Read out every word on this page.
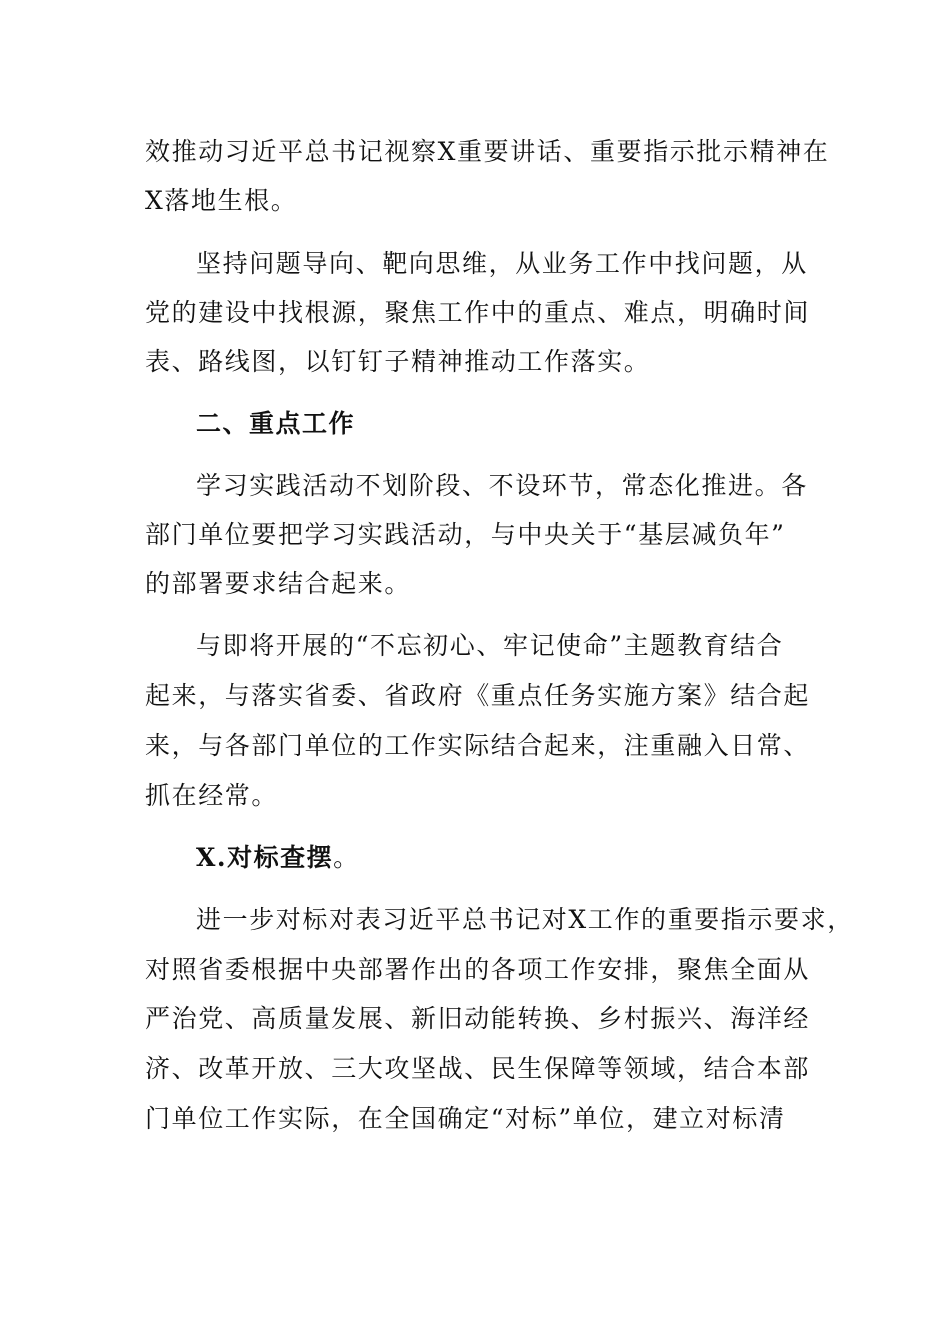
效推动习近平总书记视察X重要讲话、重要指示批示精神在
X落地生根。
坚持问题导向、靶向思维，从业务工作中找问题，从
党的建设中找根源，聚焦工作中的重点、难点，明确时间
表、路线图，以钉钉子精神推动工作落实。
二、重点工作
学习实践活动不划阶段、不设环节，常态化推进。各
部门单位要把学习实践活动，与中央关于“基层减负年”
的部署要求结合起来。
与即将开展的“不忘初心、牢记使命”主题教育结合
起来，与落实省委、省政府《重点任务实施方案》结合起
来，与各部门单位的工作实际结合起来，注重融入日常、
抓在经常。
X.对标查摆。
进一步对标对表习近平总书记对X工作的重要指示要求，
对照省委根据中央部署作出的各项工作安排，聚焦全面从
严治党、高质量发展、新旧动能转换、乡村振兴、海洋经
济、改革开放、三大攻坚战、民生保障等领域，结合本部
门单位工作实际，在全国确定“对标”单位，建立对标清
